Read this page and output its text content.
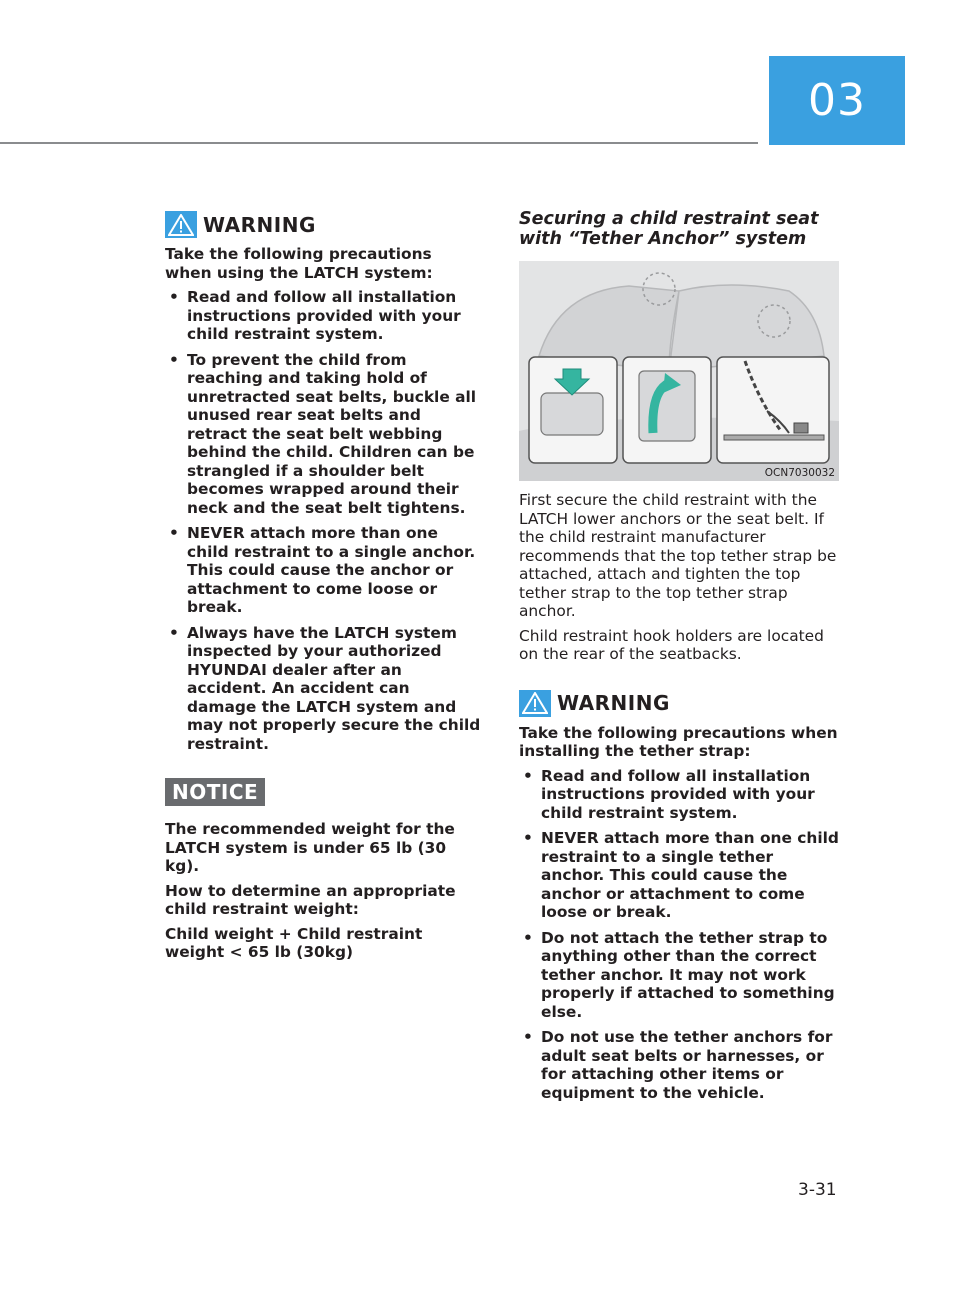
03
WARNING

Take the following precautions when using the LATCH system:

• Read and follow all installation instructions provided with your child restraint system.
• To prevent the child from reaching and taking hold of unretracted seat belts, buckle all unused rear seat belts and retract the seat belt webbing behind the child. Children can be strangled if a shoulder belt becomes wrapped around their neck and the seat belt tightens.
• NEVER attach more than one child restraint to a single anchor. This could cause the anchor or attachment to come loose or break.
• Always have the LATCH system inspected by your authorized HYUNDAI dealer after an accident. An accident can damage the LATCH system and may not properly secure the child restraint.
NOTICE

The recommended weight for the LATCH system is under 65 lb (30 kg).

How to determine an appropriate child restraint weight:

Child weight + Child restraint weight < 65 lb (30kg)

Securing a child restraint seat with “Tether Anchor” system
OCN7030032

First secure the child restraint with the LATCH lower anchors or the seat belt. If the child restraint manufacturer recommends that the top tether strap be attached, attach and tighten the top tether strap to the top tether strap anchor.

Child restraint hook holders are located on the rear of the seatbacks.

WARNING

Take the following precautions when installing the tether strap:

• Read and follow all installation instructions provided with your child restraint system.
• NEVER attach more than one child restraint to a single tether anchor. This could cause the anchor or attachment to come loose or break.
• Do not attach the tether strap to anything other than the correct tether anchor. It may not work properly if attached to something else.
• Do not use the tether anchors for adult seat belts or harnesses, or for attaching other items or equipment to the vehicle.
3-31
